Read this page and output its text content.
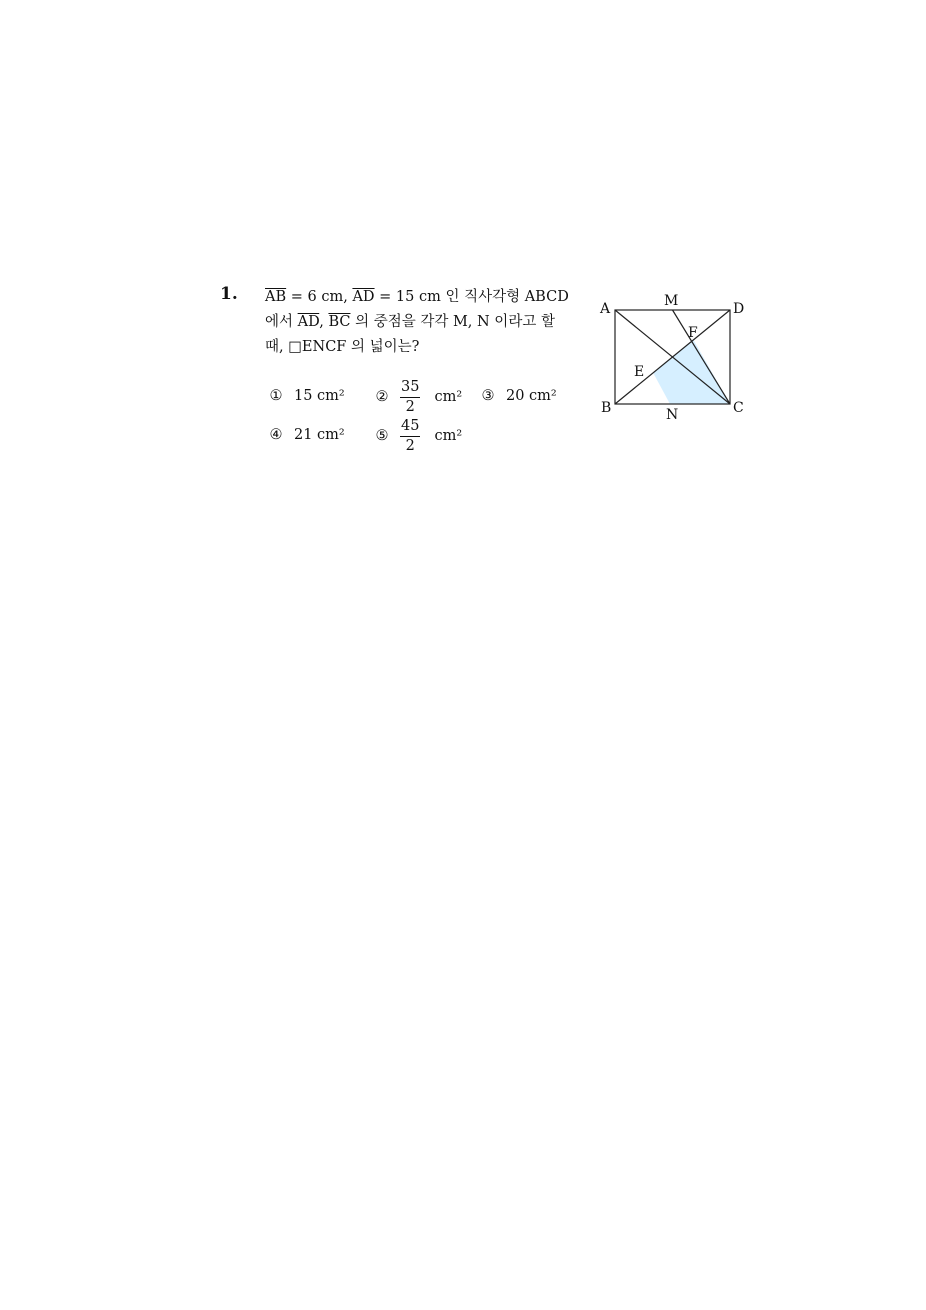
1. $\overline{AB} = 6$ cm, $\overline{AD} = 15$ cm 인 직사각형 ABCD
에서 $\overline{AD}$, $\overline{BC}$ 의 중점을 각각 M, N 이라고 할
때, □ENCF 의 넓이는?
① 15 cm² ② $\frac{35}{2} cm^2$ ③ 20 cm²
④ 21 cm² ⑤ $\frac{45}{2} cm^2$
A
B	C
D
M
N
E
F
